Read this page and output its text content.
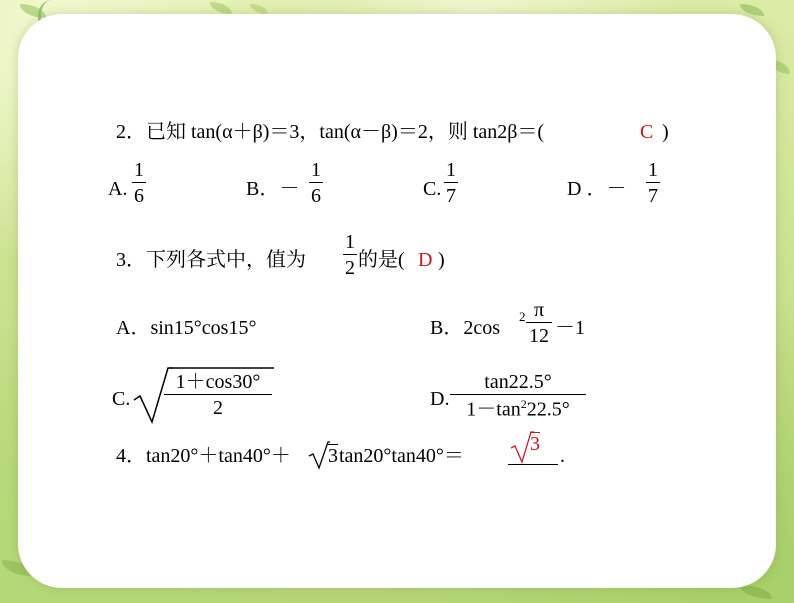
2．已知 tan(α＋β)＝3，tan(α－β)＝2，则 tan2β＝(	C )
A.
1
6	B．－
1
6	C.
1
7	D ．－
1
7
3．下列各式中，值为
1
2 的是( D )
A．sin15°cos15°	B．2cos
2 π
12 －1
C.
1＋cos30°
2	D.
tan22.5°
$1-\tan^222.5^\circ$
4．tan20°＋tan40°＋ 3 tan20°tan40°＝
3
.
